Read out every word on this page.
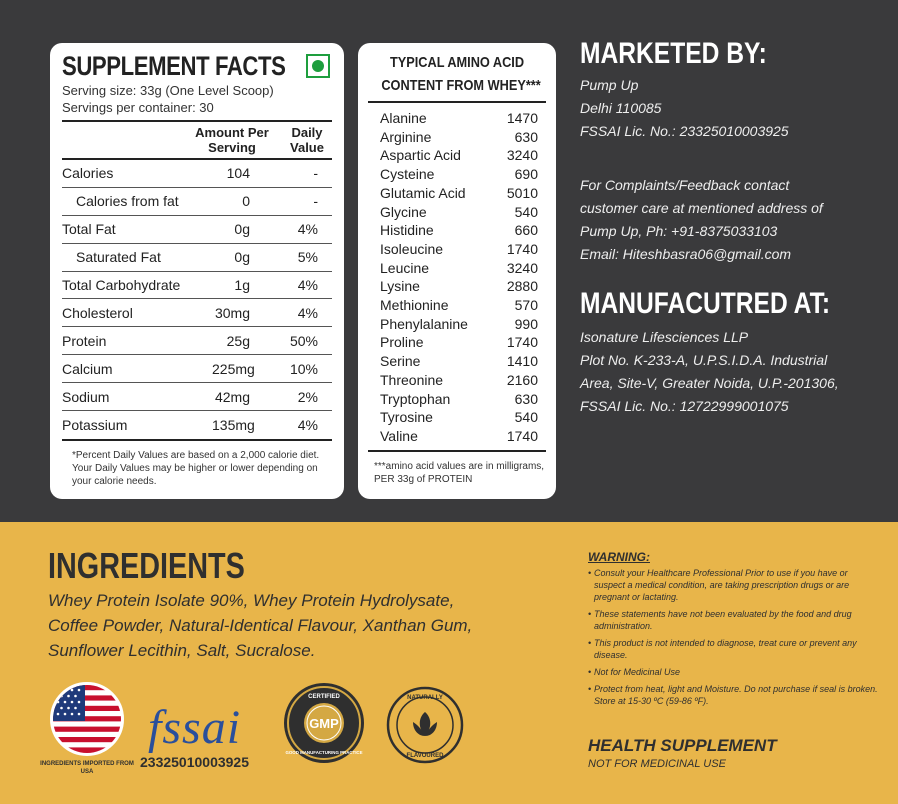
SUPPLEMENT FACTS
Serving size: 33g (One Level Scoop)
Servings per container: 30
Amount Per Serving
Daily Value
Calories	104	-
Calories from fat	0	-
Total Fat	0g	4%
Saturated Fat	0g	5%
Total Carbohydrate	1g	4%
Cholesterol	30mg	4%
Protein	25g	50%
Calcium	225mg	10%
Sodium	42mg	2%
Potassium	135mg	4%
*Percent Daily Values are based on a 2,000 calorie diet. Your Daily Values may be higher or lower depending on your calorie needs.
TYPICAL AMINO ACID
CONTENT FROM WHEY***
Alanine	1470
Arginine	630
Aspartic Acid	3240
Cysteine	690
Glutamic Acid	5010
Glycine	540
Histidine	660
Isoleucine	1740
Leucine	3240
Lysine	2880
Methionine	570
Phenylalanine	990
Proline	1740
Serine	1410
Threonine	2160
Tryptophan	630
Tyrosine	540
Valine	1740
***amino acid values are in milligrams, PER 33g of PROTEIN
MARKETED BY:
Pump Up
Delhi 110085
FSSAI Lic. No.: 23325010003925
For Complaints/Feedback contact
customer care at mentioned address of
Pump Up, Ph: +91-8375033103
Email: Hiteshbasra06@gmail.com
MANUFACUTRED AT:
Isonature Lifesciences LLP
Plot No. K-233-A, U.P.S.I.D.A. Industrial
Area, Site-V, Greater Noida, U.P.-201306,
FSSAI Lic. No.: 12722999001075
INGREDIENTS
Whey Protein Isolate 90%, Whey Protein Hydrolysate, Coffee Powder, Natural-Identical Flavour, Xanthan Gum, Sunflower Lecithin, Salt, Sucralose.
INGREDIENTS IMPORTED FROM USA
fssai
23325010003925
GMP
CERTIFIED
GOOD MANUFACTURING PRACTICE
NATURALLY
FLAVOURED
WARNING:
• Consult your Healthcare Professional Prior to use if you have or suspect a medical condition, are taking prescription drugs or are pregnant or lactating.
• These statements have not been evaluated by the food and drug administration.
• This product is not intended to diagnose, treat cure or prevent any disease.
• Not for Medicinal Use
• Protect from heat, light and Moisture. Do not purchase if seal is broken. Store at 15-30 ºC (59-86 ºF).
HEALTH SUPPLEMENT
NOT FOR MEDICINAL USE
